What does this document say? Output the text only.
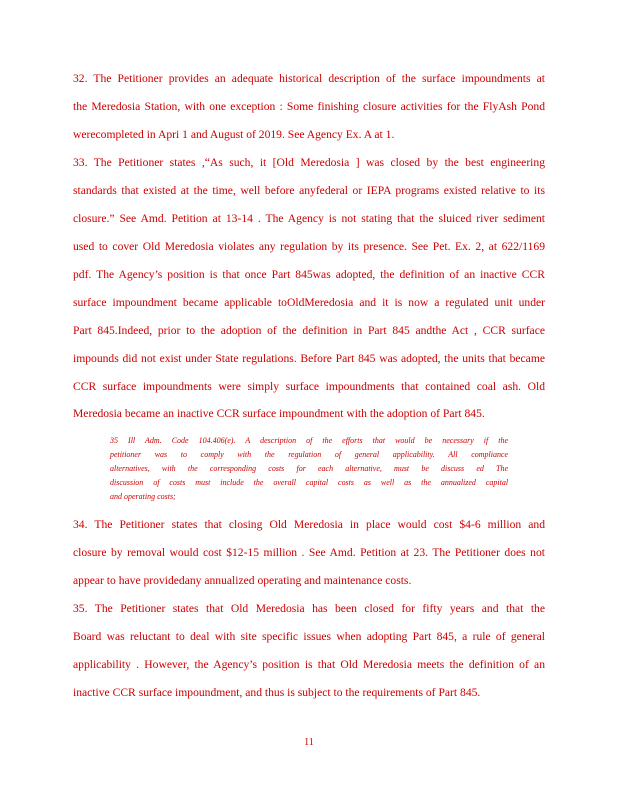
32. The Petitioner provides an adequate historical description of the surface impoundments at
the Meredosia Station, with one exception : Some finishing closure activities for the FlyAsh Pond
werecompleted in Apri 1 and August of 2019. See Agency Ex. A at 1.
33. The Petitioner states ,“As such, it [Old Meredosia ] was closed by the best engineering
standards that existed at the time, well before anyfederal or IEPA programs existed relative to its
closure.” See Amd. Petition at 13-14 . The Agency is not stating that the sluiced river sediment
used to cover Old Meredosia violates any regulation by its presence. See Pet. Ex. 2, at 622/1169
pdf. The Agency’s position is that once Part 845was adopted, the definition of an inactive CCR
surface impoundment became applicable toOldMeredosia and it is now a regulated unit under
Part 845.Indeed, prior to the adoption of the definition in Part 845 andthe Act , CCR surface
impounds did not exist under State regulations. Before Part 845 was adopted, the units that became
CCR surface impoundments were simply surface impoundments that contained coal ash. Old
Meredosia became an inactive CCR surface impoundment with the adoption of Part 845.
35 Ill Adm. Code 104.406(e). A description of the efforts that would be necessary if the
petitioner was to comply with the regulation of general applicability. All compliance
alternatives, with the corresponding costs for each alternative, must be discuss ed The
discussion of costs must include the overall capital costs as well as the annualized capital
and operating costs;
34. The Petitioner states that closing Old Meredosia in place would cost $4-6 million and
closure by removal would cost $12-15 million . See Amd. Petition at 23. The Petitioner does not
appear to have providedany annualized operating and maintenance costs.
35. The Petitioner states that Old Meredosia has been closed for fifty years and that the
Board was reluctant to deal with site specific issues when adopting Part 845, a rule of general
applicability . However, the Agency’s position is that Old Meredosia meets the definition of an
inactive CCR surface impoundment, and thus is subject to the requirements of Part 845.
11
